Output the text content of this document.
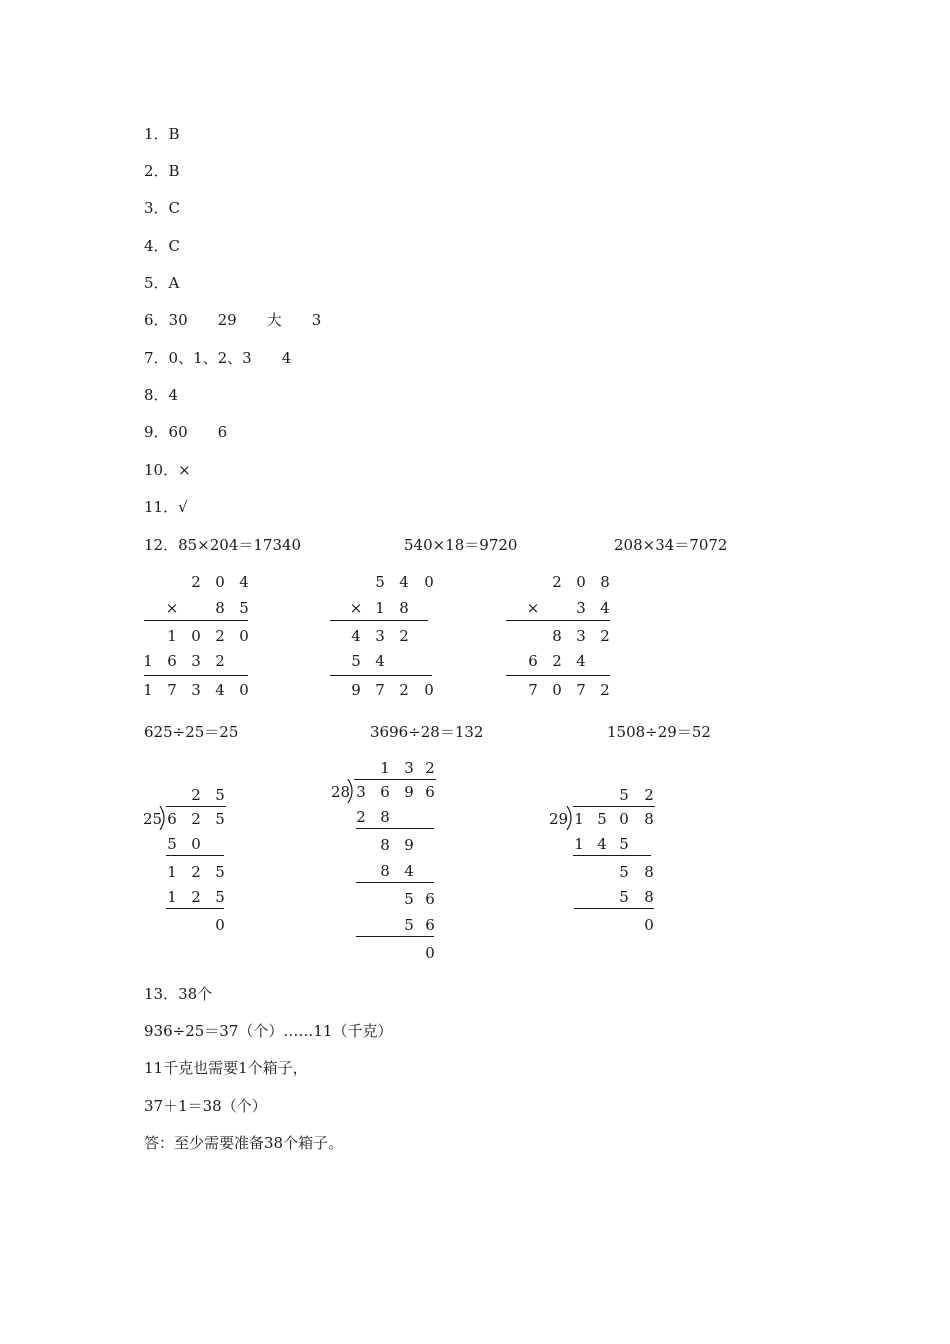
1．B
2．B
3．C
4．C
5．A
6．30　　29　　大　　3
7．0、1、2、3　　4
8．4
9．60　　6
10．×
11．√
12．85×204＝17340	540×18＝9720	208×34＝7072
2 0 4
× 8 5
1 0 2 0
1 6 3 2
1 7 3 4 0
5 4 0
× 1 8
4 3 2
5 4
9 7 2 0
2 0 8
× 3 4
8 3 2
6 2 4
7 0 7 2
625÷25＝25	3696÷28＝132	1508÷29＝52
2 5
25 6 2 5
5 0
1 2 5
1 2 5
0
1 3 2
28 3 6 9 6
2 8
8 9
8 4
5 6
5 6
0
5 2
29 1 5 0 8
1 4 5
5 8
5 8
0
13．38个
936÷25＝37（个）……11（千克）
11千克也需要1个箱子，
37＋1＝38（个）
答：至少需要准备38个箱子。
